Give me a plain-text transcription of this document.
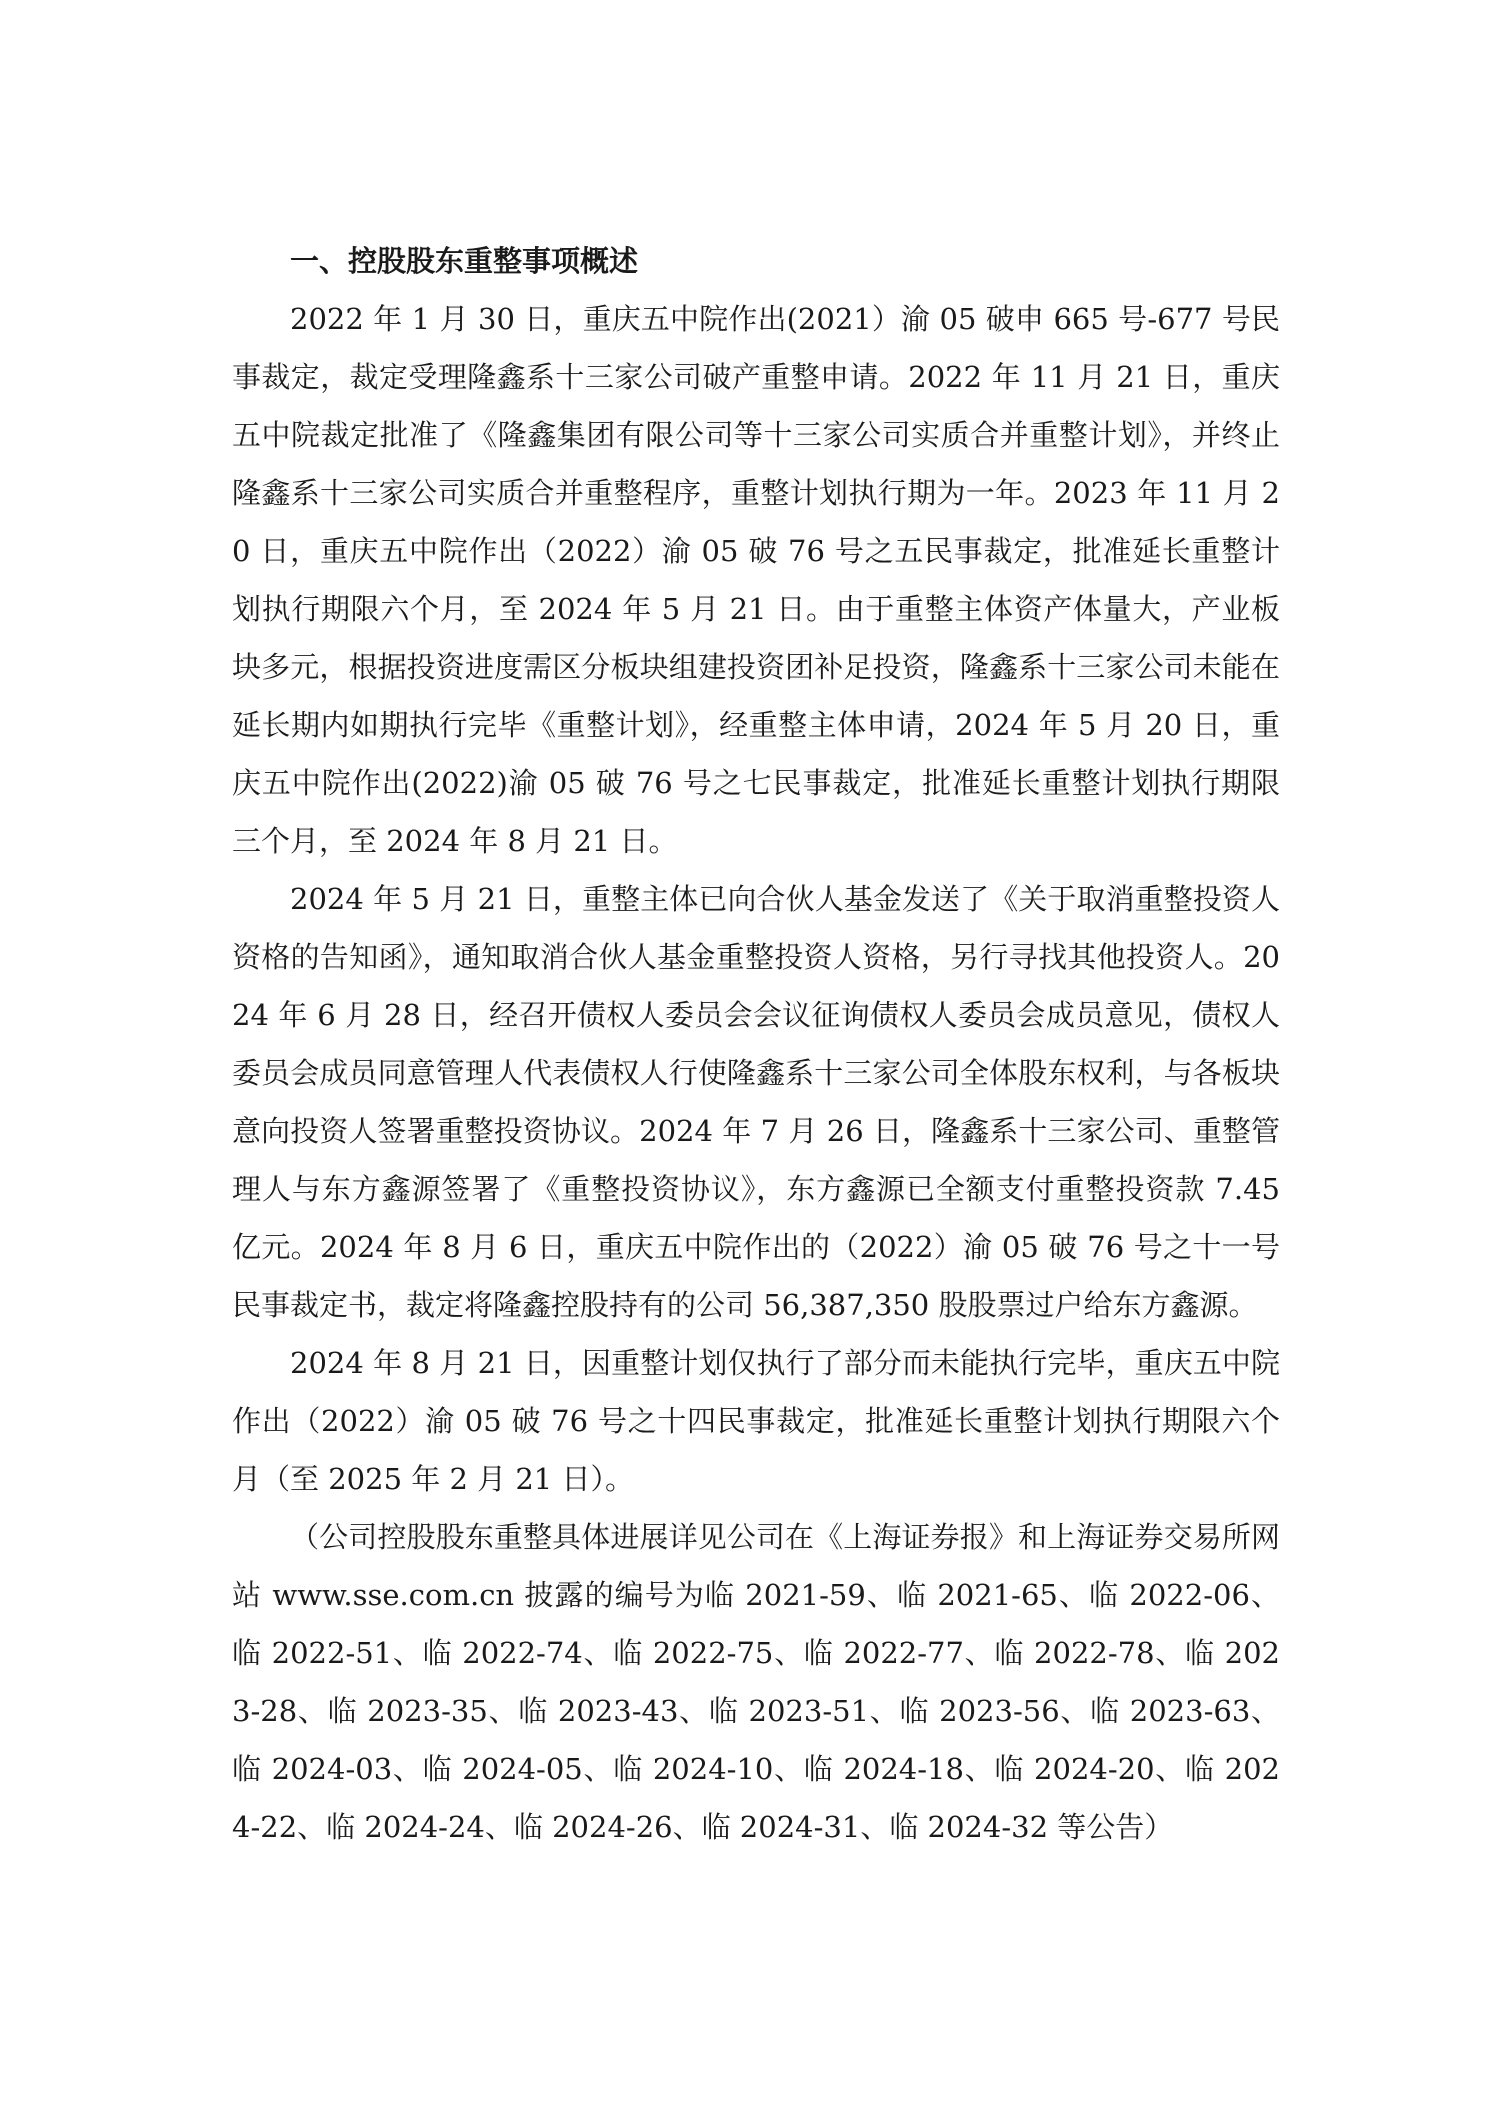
一、控股股东重整事项概述

2022 年 1 月 30 日，重庆五中院作出(2021）渝 05 破申 665 号-677 号民事裁定，裁定受理隆鑫系十三家公司破产重整申请。2022 年 11 月 21 日，重庆五中院裁定批准了《隆鑫集团有限公司等十三家公司实质合并重整计划》，并终止隆鑫系十三家公司实质合并重整程序，重整计划执行期为一年。2023 年 11 月 20 日，重庆五中院作出（2022）渝 05 破 76 号之五民事裁定，批准延长重整计划执行期限六个月，至 2024 年 5 月 21 日。由于重整主体资产体量大，产业板块多元，根据投资进度需区分板块组建投资团补足投资，隆鑫系十三家公司未能在延长期内如期执行完毕《重整计划》，经重整主体申请，2024 年 5 月 20 日，重庆五中院作出(2022)渝 05 破 76 号之七民事裁定，批准延长重整计划执行期限三个月，至 2024 年 8 月 21 日。

2024 年 5 月 21 日，重整主体已向合伙人基金发送了《关于取消重整投资人资格的告知函》，通知取消合伙人基金重整投资人资格，另行寻找其他投资人。2024 年 6 月 28 日，经召开债权人委员会会议征询债权人委员会成员意见，债权人委员会成员同意管理人代表债权人行使隆鑫系十三家公司全体股东权利，与各板块意向投资人签署重整投资协议。2024 年 7 月 26 日，隆鑫系十三家公司、重整管理人与东方鑫源签署了《重整投资协议》，东方鑫源已全额支付重整投资款 7.45 亿元。2024 年 8 月 6 日，重庆五中院作出的（2022）渝 05 破 76 号之十一号民事裁定书，裁定将隆鑫控股持有的公司 56,387,350 股股票过户给东方鑫源。

2024 年 8 月 21 日，因重整计划仅执行了部分而未能执行完毕，重庆五中院作出（2022）渝 05 破 76 号之十四民事裁定，批准延长重整计划执行期限六个月（至 2025 年 2 月 21 日）。

（公司控股股东重整具体进展详见公司在《上海证券报》和上海证券交易所网站 www.sse.com.cn 披露的编号为临 2021-59、临 2021-65、临 2022-06、临 2022-51、临 2022-74、临 2022-75、临 2022-77、临 2022-78、临 2023-28、临 2023-35、临 2023-43、临 2023-51、临 2023-56、临 2023-63、临 2024-03、临 2024-05、临 2024-10、临 2024-18、临 2024-20、临 2024-22、临 2024-24、临 2024-26、临 2024-31、临 2024-32 等公告）
